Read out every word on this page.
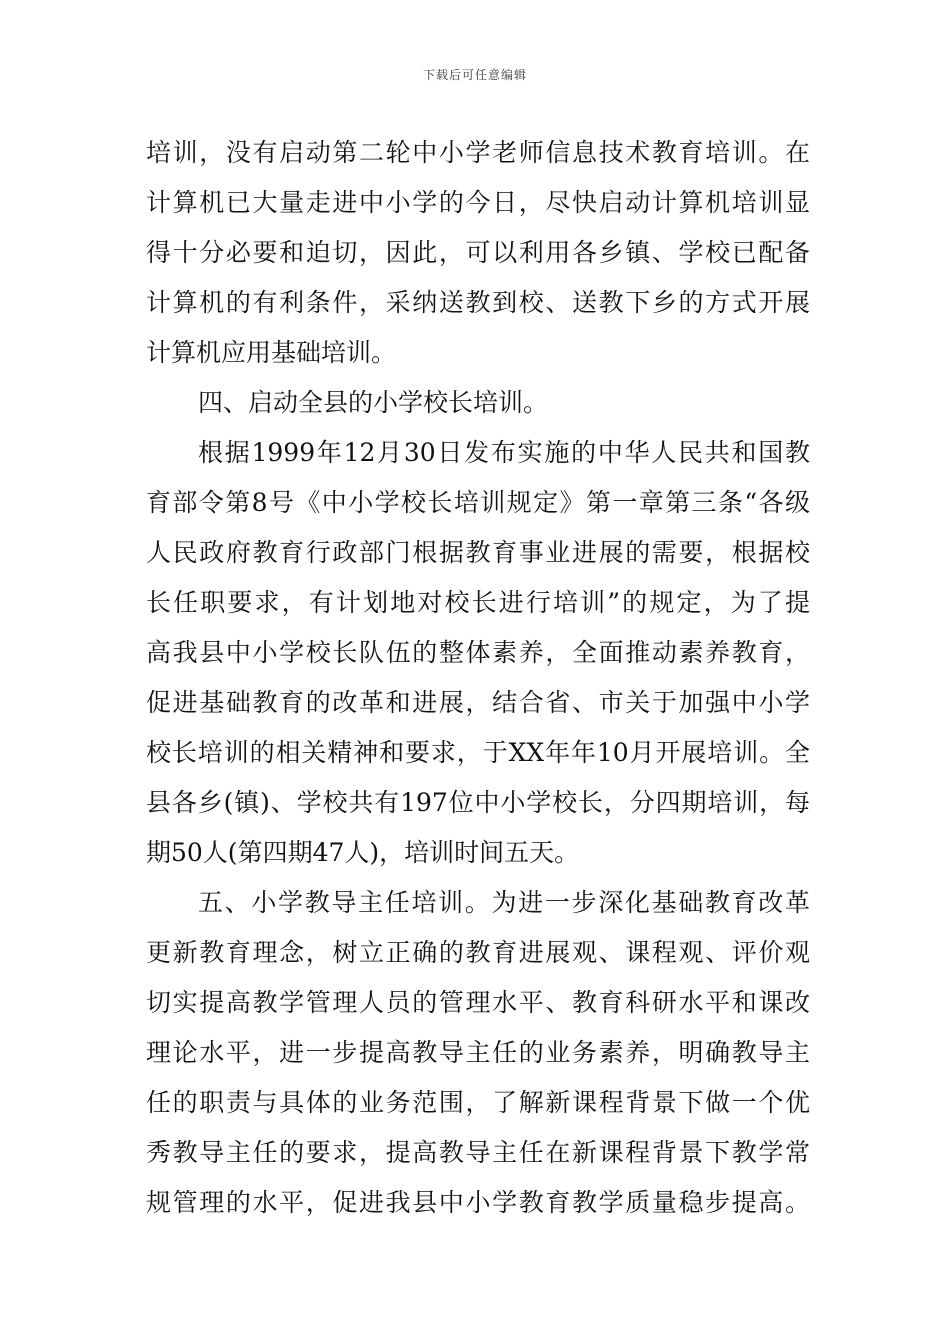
下载后可任意编辑
培训，没有启动第二轮中小学老师信息技术教育培训。在
计算机已大量走进中小学的今日，尽快启动计算机培训显
得十分必要和迫切，因此，可以利用各乡镇、学校已配备
计算机的有利条件，采纳送教到校、送教下乡的方式开展
计算机应用基础培训。
四、启动全县的小学校长培训。
根据1999年12月30日发布实施的中华人民共和国教
育部令第8号《中小学校长培训规定》第一章第三条“各级
人民政府教育行政部门根据教育事业进展的需要，根据校
长任职要求，有计划地对校长进行培训”的规定，为了提
高我县中小学校长队伍的整体素养，全面推动素养教育，
促进基础教育的改革和进展，结合省、市关于加强中小学
校长培训的相关精神和要求，于XX年年10月开展培训。全
县各乡(镇)、学校共有197位中小学校长，分四期培训，每
期50人(第四期47人)，培训时间五天。
五、小学教导主任培训。为进一步深化基础教育改革
更新教育理念，树立正确的教育进展观、课程观、评价观
切实提高教学管理人员的管理水平、教育科研水平和课改
理论水平，进一步提高教导主任的业务素养，明确教导主
任的职责与具体的业务范围，了解新课程背景下做一个优
秀教导主任的要求，提高教导主任在新课程背景下教学常
规管理的水平，促进我县中小学教育教学质量稳步提高。
